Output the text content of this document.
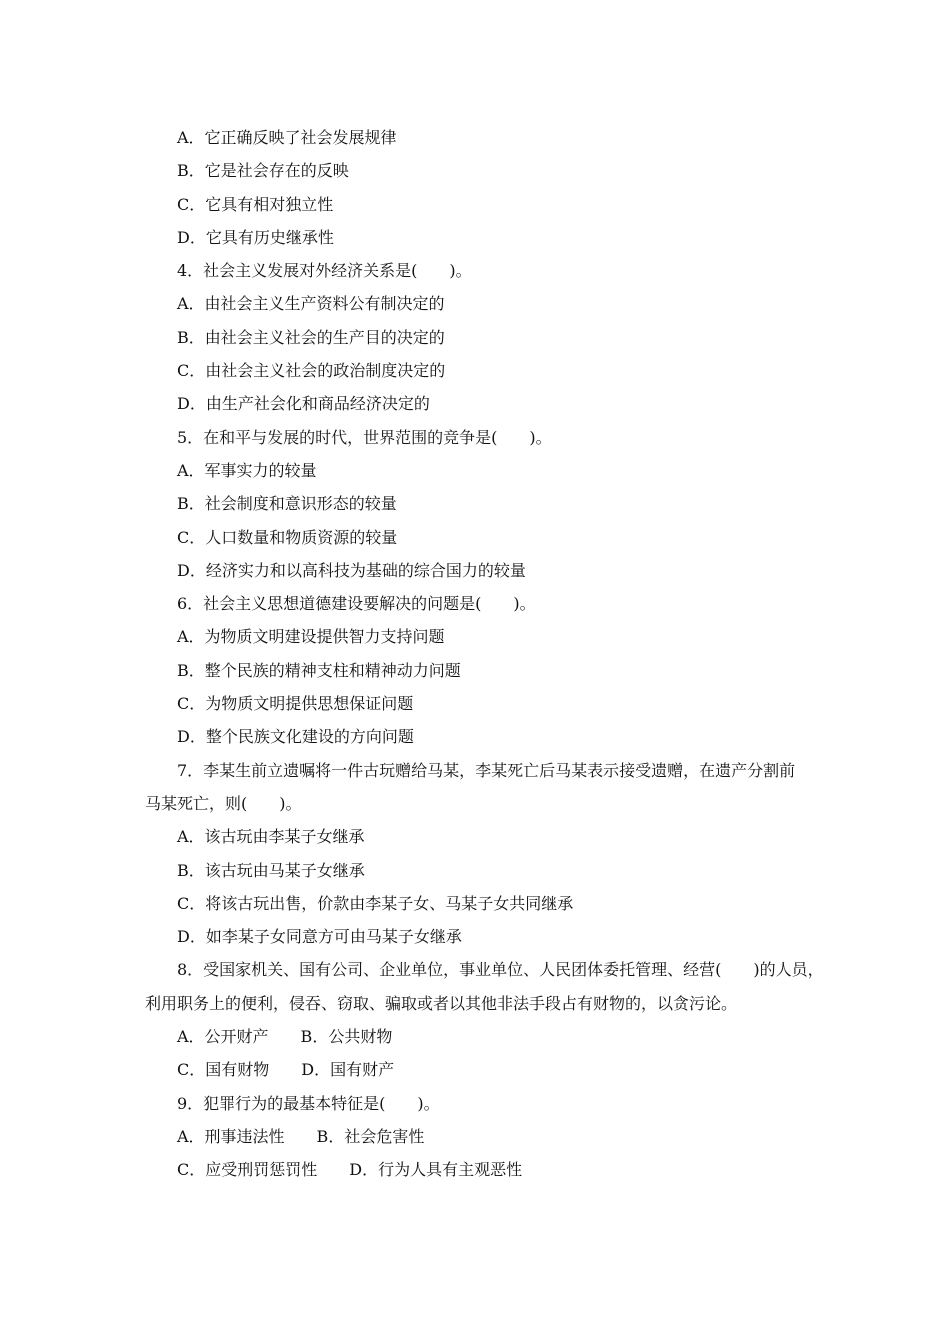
A．它正确反映了社会发展规律
B．它是社会存在的反映
C．它具有相对独立性
D．它具有历史继承性
4．社会主义发展对外经济关系是(　　)。
A．由社会主义生产资料公有制决定的
B．由社会主义社会的生产目的决定的
C．由社会主义社会的政治制度决定的
D．由生产社会化和商品经济决定的
5．在和平与发展的时代，世界范围的竞争是(　　)。
A．军事实力的较量
B．社会制度和意识形态的较量
C．人口数量和物质资源的较量
D．经济实力和以高科技为基础的综合国力的较量
6．社会主义思想道德建设要解决的问题是(　　)。
A．为物质文明建设提供智力支持问题
B．整个民族的精神支柱和精神动力问题
C．为物质文明提供思想保证问题
D．整个民族文化建设的方向问题
7．李某生前立遗嘱将一件古玩赠给马某，李某死亡后马某表示接受遗赠，在遗产分割前
马某死亡，则(　　)。
A．该古玩由李某子女继承
B．该古玩由马某子女继承
C．将该古玩出售，价款由李某子女、马某子女共同继承
D．如李某子女同意方可由马某子女继承
8．受国家机关、国有公司、企业单位，事业单位、人民团体委托管理、经营(　　)的人员，
利用职务上的便利，侵吞、窃取、骗取或者以其他非法手段占有财物的，以贪污论。
A．公开财产　　B．公共财物
C．国有财物　　D．国有财产
9．犯罪行为的最基本特征是(　　)。
A．刑事违法性　　B．社会危害性
C．应受刑罚惩罚性　　D．行为人具有主观恶性
